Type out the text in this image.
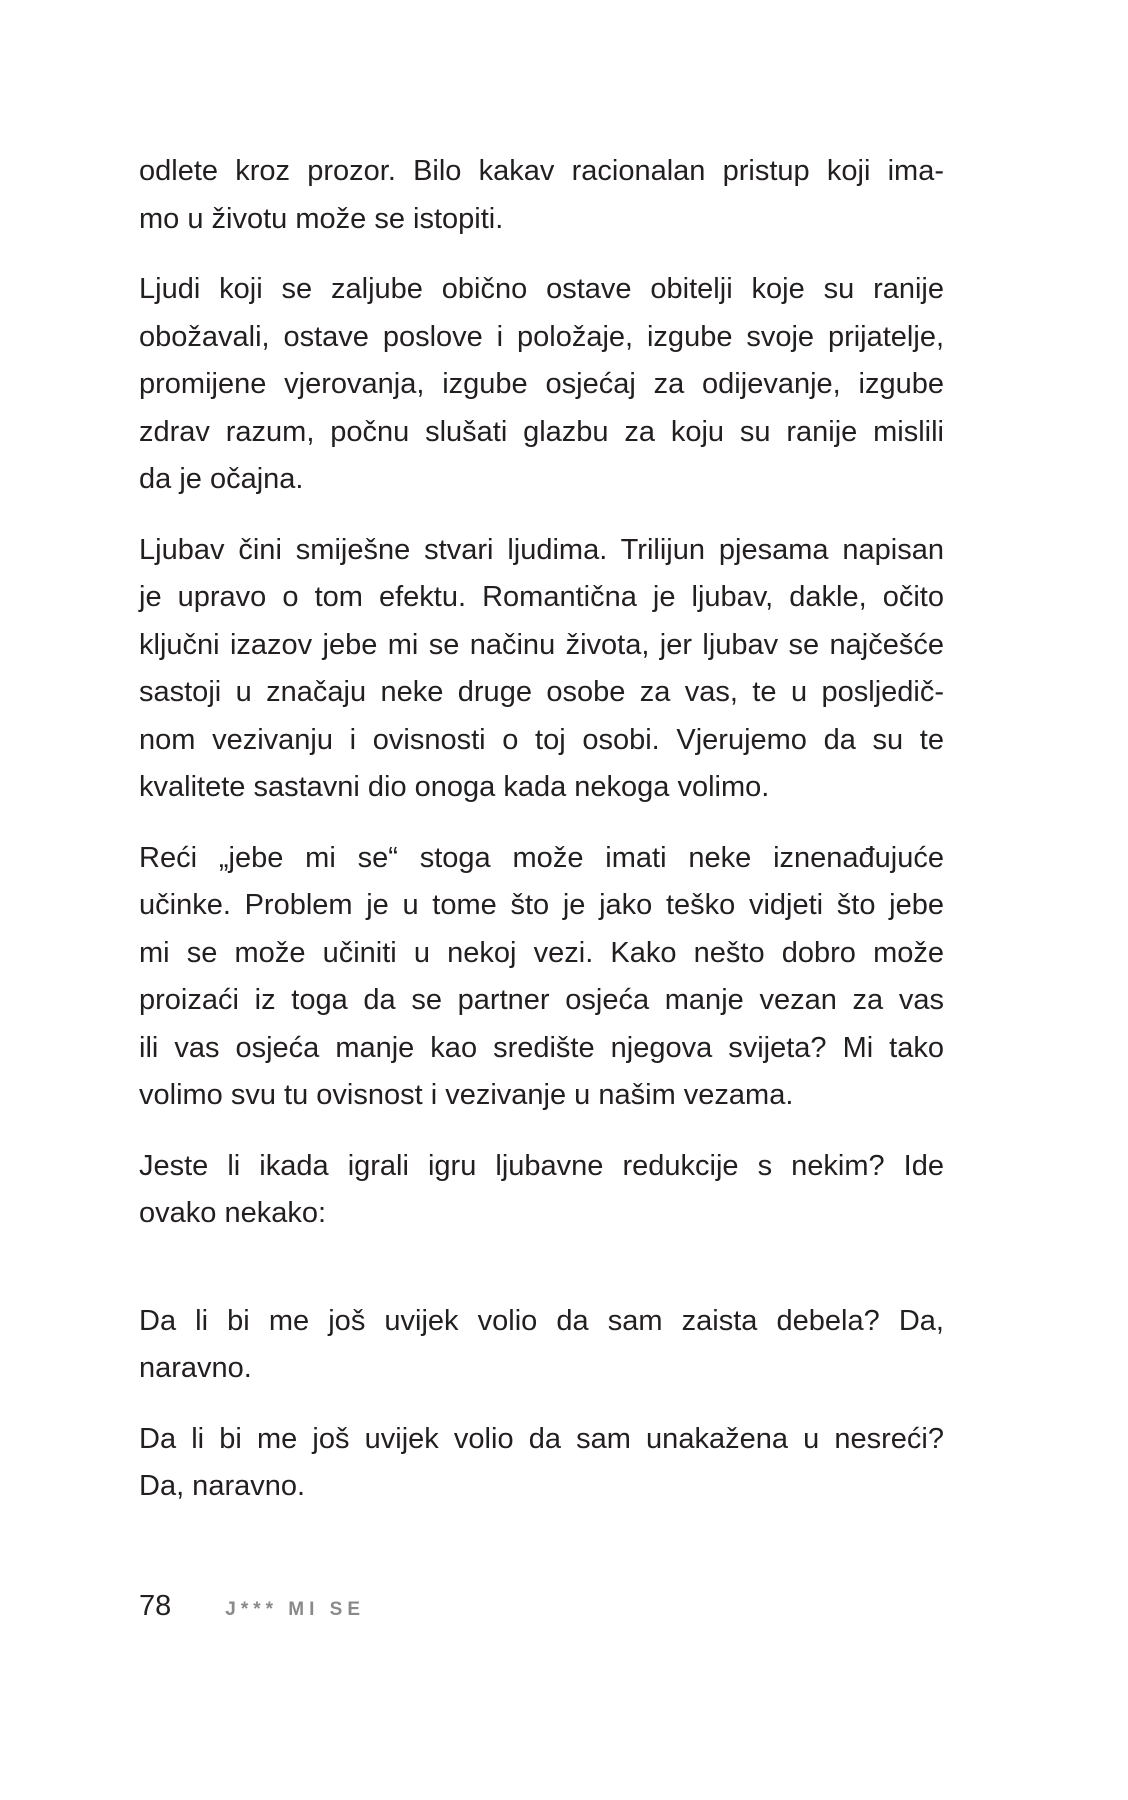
odlete kroz prozor. Bilo kakav racionalan pristup koji ima-
mo u životu može se istopiti.

Ljudi koji se zaljube obično ostave obitelji koje su ranije
obožavali, ostave poslove i položaje, izgube svoje prijatelje,
promijene vjerovanja, izgube osjećaj za odijevanje, izgube
zdrav razum, počnu slušati glazbu za koju su ranije mislili
da je očajna.

Ljubav čini smiješne stvari ljudima. Trilijun pjesama napisan
je upravo o tom efektu. Romantična je ljubav, dakle, očito
ključni izazov jebe mi se načinu života, jer ljubav se najčešće
sastoji u značaju neke druge osobe za vas, te u posljedič-
nom vezivanju i ovisnosti o toj osobi. Vjerujemo da su te
kvalitete sastavni dio onoga kada nekoga volimo.

Reći „jebe mi se“ stoga može imati neke iznenađujuće
učinke. Problem je u tome što je jako teško vidjeti što jebe
mi se može učiniti u nekoj vezi. Kako nešto dobro može
proizaći iz toga da se partner osjeća manje vezan za vas
ili vas osjeća manje kao središte njegova svijeta? Mi tako
volimo svu tu ovisnost i vezivanje u našim vezama.

Jeste li ikada igrali igru ljubavne redukcije s nekim? Ide
ovako nekako:

Da li bi me još uvijek volio da sam zaista debela? Da,
naravno.

Da li bi me još uvijek volio da sam unakažena u nesreći?
Da, naravno.

78	J*** MI SE
